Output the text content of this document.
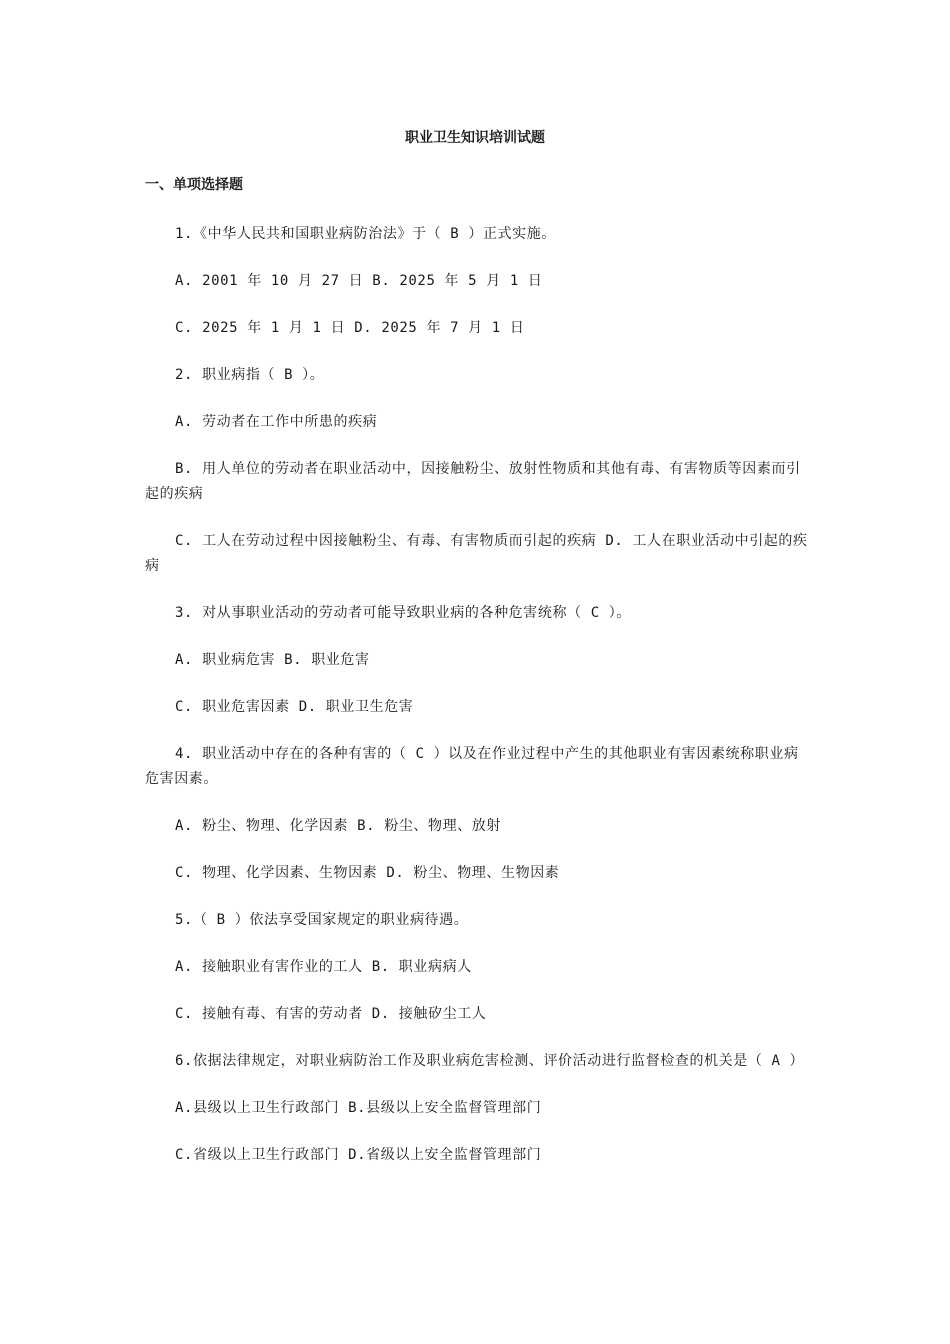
职业卫生知识培训试题
一、单项选择题

1.《中华人民共和国职业病防治法》于（ B ）正式实施。

A. 2001 年 10 月 27 日 B. 2025 年 5 月 1 日

C. 2025 年 1 月 1 日 D. 2025 年 7 月 1 日

2. 职业病指（ B ）。

A. 劳动者在工作中所患的疾病

B. 用人单位的劳动者在职业活动中，因接触粉尘、放射性物质和其他有毒、有害物质等因素而引起的疾病

C. 工人在劳动过程中因接触粉尘、有毒、有害物质而引起的疾病 D. 工人在职业活动中引起的疾病

3. 对从事职业活动的劳动者可能导致职业病的各种危害统称（ C ）。

A. 职业病危害 B. 职业危害

C. 职业危害因素 D. 职业卫生危害

4. 职业活动中存在的各种有害的（ C ）以及在作业过程中产生的其他职业有害因素统称职业病危害因素。

A. 粉尘、物理、化学因素 B. 粉尘、物理、放射

C. 物理、化学因素、生物因素 D. 粉尘、物理、生物因素

5.（ B ）依法享受国家规定的职业病待遇。

A. 接触职业有害作业的工人 B. 职业病病人

C. 接触有毒、有害的劳动者 D. 接触矽尘工人

6.依据法律规定，对职业病防治工作及职业病危害检测、评价活动进行监督检查的机关是（ A ）

A.县级以上卫生行政部门 B.县级以上安全监督管理部门

C.省级以上卫生行政部门 D.省级以上安全监督管理部门
